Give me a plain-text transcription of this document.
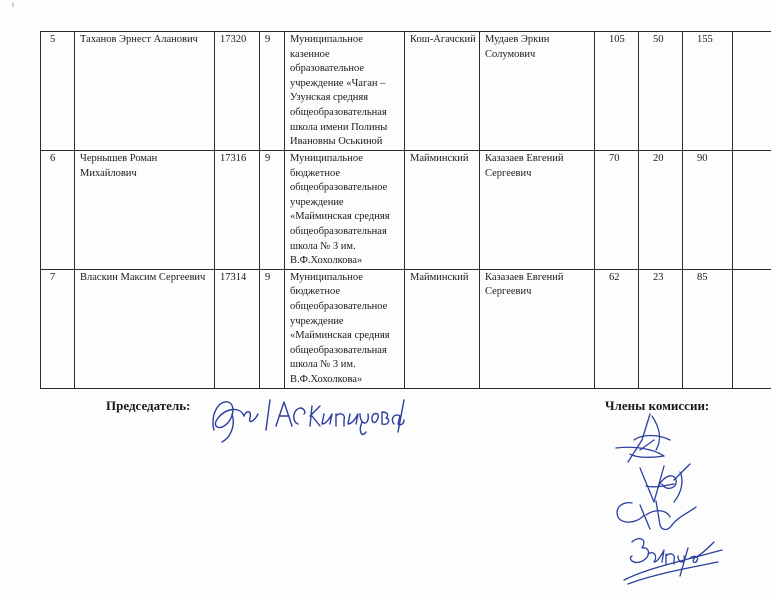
ⁱ
5	Таханов Эрнест Аланович	17320	9	Муниципальное казенное образовательное учреждение «Чаган – Узунская средняя общеобразовательная школа имени Полины Ивановны Оськиной	Кош-Агачский	Мудаев Эркин Солумович	105	50	155	
6	Чернышев Роман Михайлович	17316	9	Муниципальное бюджетное общеобразовательное учреждение «Майминская средняя общеобразовательная школа № 3 им. В.Ф.Хохолкова»	Майминский	Казазаев Евгений Сергеевич	70	20	90	
7	Власкин Максим Сергеевич	17314	9	Муниципальное бюджетное общеобразовательное учреждение «Майминская средняя общеобразовательная школа № 3 им. В.Ф.Хохолкова»	Майминский	Казазаев Евгений Сергеевич	62	23	85	
Председатель:	Члены комиссии:
